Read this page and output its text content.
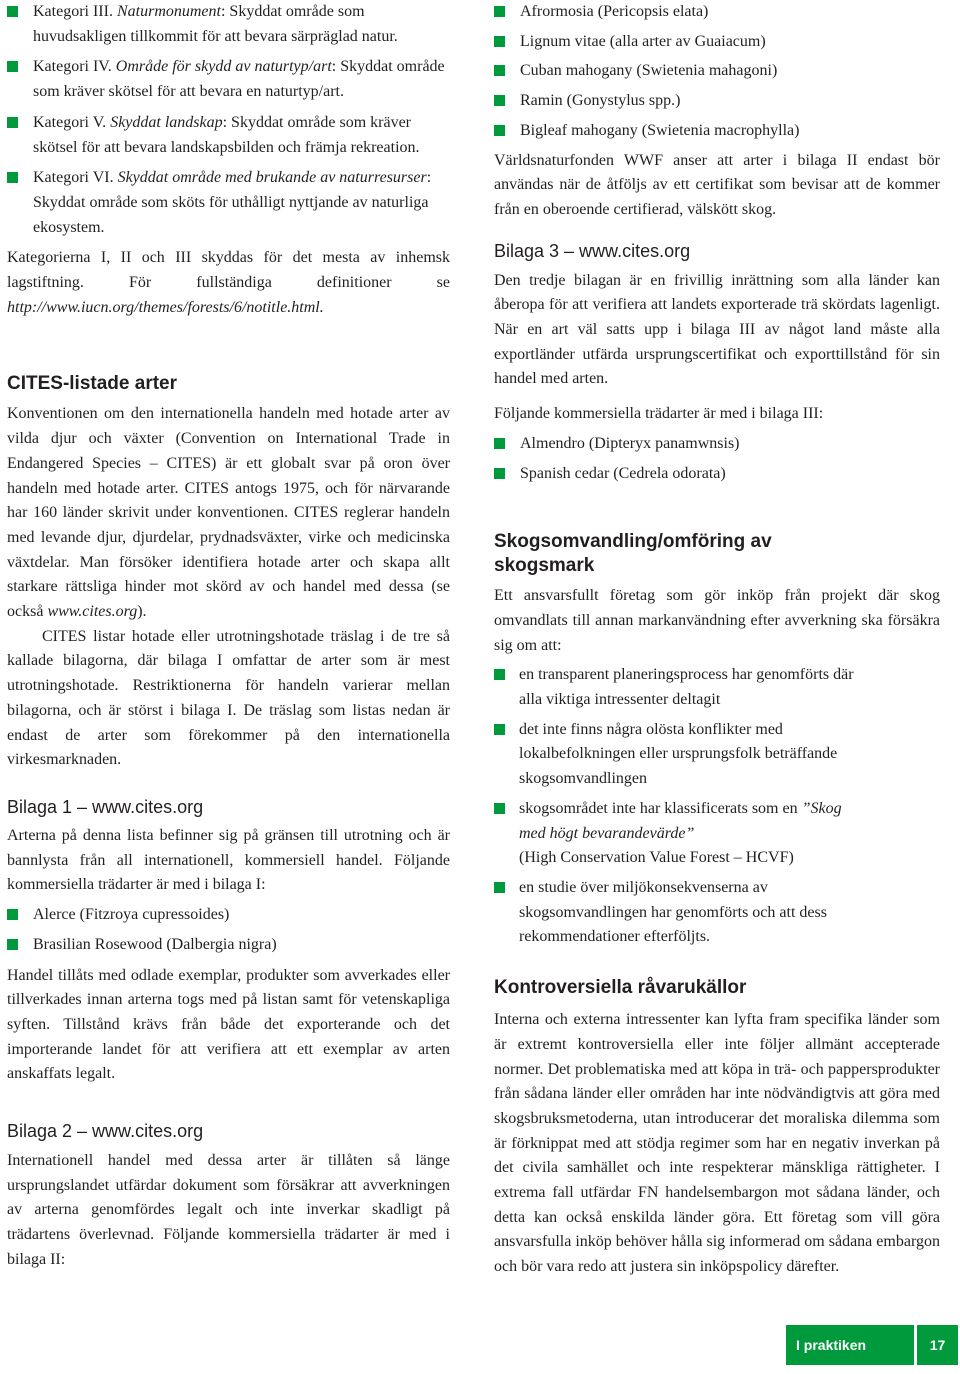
Kategori III. Naturmonument: Skyddat område som huvudsakligen tillkommit för att bevara särpräglad natur.
Kategori IV. Område för skydd av naturtyp/art: Skyddat område som kräver skötsel för att bevara en naturtyp/art.
Kategori V. Skyddat landskap: Skyddat område som kräver skötsel för att bevara landskapsbilden och främja rekreation.
Kategori VI. Skyddat område med brukande av naturresurser: Skyddat område som sköts för uthålligt nyttjande av naturliga ekosystem.

Kategorierna I, II och III skyddas för det mesta av inhemsk lagstiftning. För fullständiga definitioner se http://www.iucn.org/themes/forests/6/notitle.html.

CITES-listade arter

Konventionen om den internationella handeln med hotade arter av vilda djur och växter (Convention on International Trade in Endangered Species – CITES) är ett globalt svar på oron över handeln med hotade arter. CITES antogs 1975, och för närvarande har 160 länder skrivit under konventionen. CITES reglerar handeln med levande djur, djurdelar, prydnadsväxter, virke och medicinska växtdelar. Man försöker identifiera hotade arter och skapa allt starkare rättsliga hinder mot skörd av och handel med dessa (se också www.cites.org).

CITES listar hotade eller utrotningshotade träslag i de tre så kallade bilagorna, där bilaga I omfattar de arter som är mest utrotningshotade. Restriktionerna för handeln varierar mellan bilagorna, och är störst i bilaga I. De träslag som listas nedan är endast de arter som förekommer på den internationella virkesmarknaden.

Bilaga 1 – www.cites.org

Arterna på denna lista befinner sig på gränsen till utrotning och är bannlysta från all internationell, kommersiell handel. Följande kommersiella trädarter är med i bilaga I:

Alerce (Fitzroya cupressoides)
Brasilian Rosewood (Dalbergia nigra)

Handel tillåts med odlade exemplar, produkter som avverkades eller tillverkades innan arterna togs med på listan samt för vetenskapliga syften. Tillstånd krävs från både det exporterande och det importerande landet för att verifiera att ett exemplar av arten anskaffats legalt.

Bilaga 2 – www.cites.org

Internationell handel med dessa arter är tillåten så länge ursprungslandet utfärdar dokument som försäkrar att avverkningen av arterna genomfördes legalt och inte inverkar skadligt på trädartens överlevnad. Följande kommersiella trädarter är med i bilaga II:

Afrormosia (Pericopsis elata)
Lignum vitae (alla arter av Guaiacum)
Cuban mahogany (Swietenia mahagoni)
Ramin (Gonystylus spp.)
Bigleaf mahogany (Swietenia macrophylla)

Världsnaturfonden WWF anser att arter i bilaga II endast bör användas när de åtföljs av ett certifikat som bevisar att de kommer från en oberoende certifierad, välskött skog.

Bilaga 3 – www.cites.org

Den tredje bilagan är en frivillig inrättning som alla länder kan åberopa för att verifiera att landets exporterade trä skördats lagenligt. När en art väl satts upp i bilaga III av något land måste alla exportländer utfärda ursprungscertifikat och exporttillstånd för sin handel med arten.

Följande kommersiella trädarter är med i bilaga III:

Almendro (Dipteryx panamwnsis)
Spanish cedar (Cedrela odorata)
Skogsomvandling/omföring av skogsmark

Ett ansvarsfullt företag som gör inköp från projekt där skog omvandlats till annan markanvändning efter avverkning ska försäkra sig om att:

en transparent planeringsprocess har genomförts där alla viktiga intressenter deltagit
det inte finns några olösta konflikter med lokalbefolkningen eller ursprungsfolk beträffande skogsomvandlingen
skogsområdet inte har klassificerats som en ”Skog med högt bevarandevärde”
(High Conservation Value Forest – HCVF)
en studie över miljökonsekvenserna av skogsomvandlingen har genomförts och att dess rekommendationer efterföljts.
Kontroversiella råvarukällor

Interna och externa intressenter kan lyfta fram specifika länder som är extremt kontroversiella eller inte följer allmänt accepterade normer. Det problematiska med att köpa in trä- och pappersprodukter från sådana länder eller områden har inte nödvändigtvis att göra med skogsbruksmetoderna, utan introducerar det moraliska dilemma som är förknippat med att stödja regimer som har en negativ inverkan på det civila samhället och inte respekterar mänskliga rättigheter. I extrema fall utfärdar FN handelsembargon mot sådana länder, och detta kan också enskilda länder göra. Ett företag som vill göra ansvarsfulla inköp behöver hålla sig informerad om sådana embargon och bör vara redo att justera sin inköpspolicy därefter.

I praktiken	17
